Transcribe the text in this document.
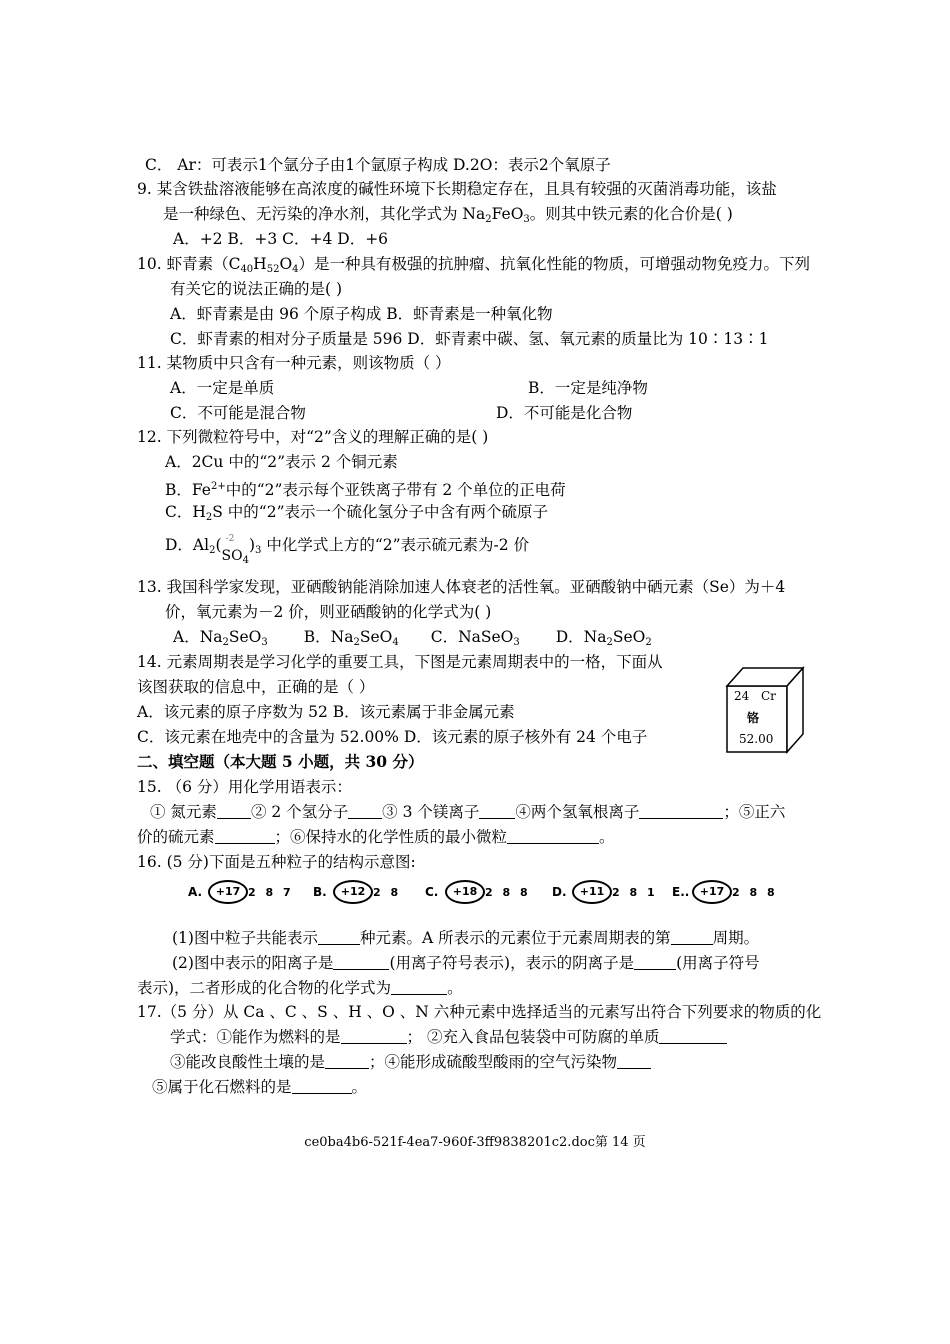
C． Ar：可表示1个氩分子由1个氩原子构成 D.2O：表示2个氧原子
9. 某含铁盐溶液能够在高浓度的碱性环境下长期稳定存在，且具有较强的灭菌消毒功能，该盐
是一种绿色、无污染的净水剂，其化学式为 $Na_2FeO_3$。则其中铁元素的化合价是( )
A．+2 B．+3 C．+4 D．+6
10. 虾青素$(C_{40}H_{52}O_4)$是一种具有极强的抗肿瘤、抗氧化性能的物质，可增强动物免疫力。下列
有关它的说法正确的是( )
A．虾青素是由 96 个原子构成 B．虾青素是一种氧化物
C．虾青素的相对分子质量是 596 D．虾青素中碳、氢、氧元素的质量比为 10∶13∶1
11. 某物质中只含有一种元素，则该物质（ ）
A．一定是单质	B．一定是纯净物
C．不可能是混合物	D．不可能是化合物
12. 下列微粒符号中，对“2”含义的理解正确的是( )
A．2Cu 中的“2”表示 2 个铜元素
B．$Fe^{2+}$中的“2”表示每个亚铁离子带有 2 个单位的正电荷
C．$H_2S$ 中的“2”表示一个硫化氢分子中含有两个硫原子
D．$Al_2$( -2
$SO_4)_3$ 中化学式上方的“2”表示硫元素为-2 价
13. 我国科学家发现，亚硒酸钠能消除加速人体衰老的活性氧。亚硒酸钠中硒元素（Se）为＋4
价，氧元素为－2 价，则亚硒酸钠的化学式为( )
A．$Na_2SeO_3$ B．$Na_2SeO_4$ C．NaSeO$_3$ D．$Na_2SeO_2$
14. 元素周期表是学习化学的重要工具，下图是元素周期表中的一格，下面从
该图获取的信息中，正确的是（ ）
A．该元素的原子序数为 52 B．该元素属于非金属元素
C．该元素在地壳中的含量为 52.00% D．该元素的原子核外有 24 个电子
24 Cr
铬
52.00
二、填空题（本大题 5 小题，共 30 分）
15. （6 分）用化学用语表示：
① 氮元素 ② 2 个氢分子 ③ 3 个镁离子 ④两个氢氧根离子	；⑤正六
价的硫元素	；⑥保持水的化学性质的最小微粒	。
16. (5 分)下面是五种粒子的结构示意图:
A. +17 2 8 7 B. +12 2 8 C. +18 2 8 8 D. +11 2 8 1 E.. +17 2 8 8
(1)图中粒子共能表示	种元素。A 所表示的元素位于元素周期表的第	周期。
(2)图中表示的阳离子是	(用离子符号表示)，表示的阴离子是	(用离子符号
表示)，二者形成的化合物的化学式为	。
17.（5 分）从 Ca 、C 、S 、H 、O 、N 六种元素中选择适当的元素写出符合下列要求的物质的化
学式：①能作为燃料的是	； ②充入食品包装袋中可防腐的单质
③能改良酸性土壤的是	；④能形成硫酸型酸雨的空气污染物
⑤属于化石燃料的是	。
ce0ba4b6-521f-4ea7-960f-3ff9838201c2.doc第 14 页
